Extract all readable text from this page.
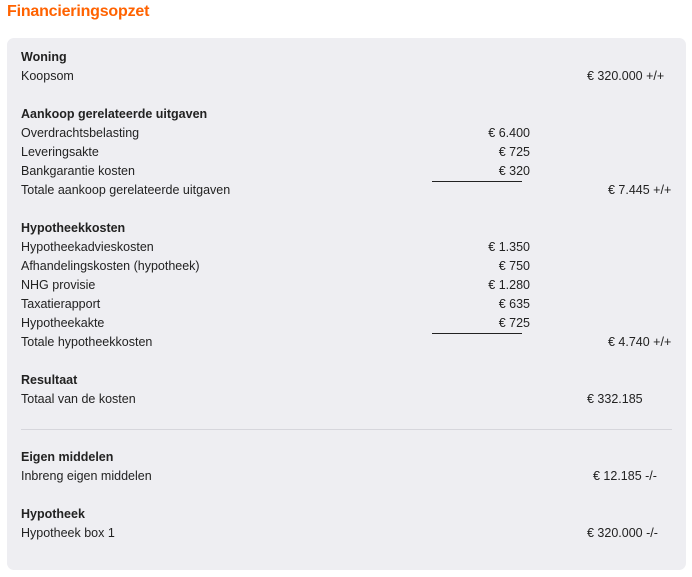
Financieringsopzet
Woning
Koopsom	€ 320.000 +/+
Aankoop gerelateerde uitgaven
Overdrachtsbelasting	€ 6.400
Leveringsakte	€ 725
Bankgarantie kosten	€ 320
Totale aankoop gerelateerde uitgaven	€ 7.445 +/+
Hypotheekkosten
Hypotheekadvieskosten	€ 1.350
Afhandelingskosten (hypotheek)	€ 750
NHG provisie	€ 1.280
Taxatierapport	€ 635
Hypotheekakte	€ 725
Totale hypotheekkosten	€ 4.740 +/+
Resultaat
Totaal van de kosten	€ 332.185
Eigen middelen
Inbreng eigen middelen	€ 12.185 -/-
Hypotheek
Hypotheek box 1	€ 320.000 -/-
